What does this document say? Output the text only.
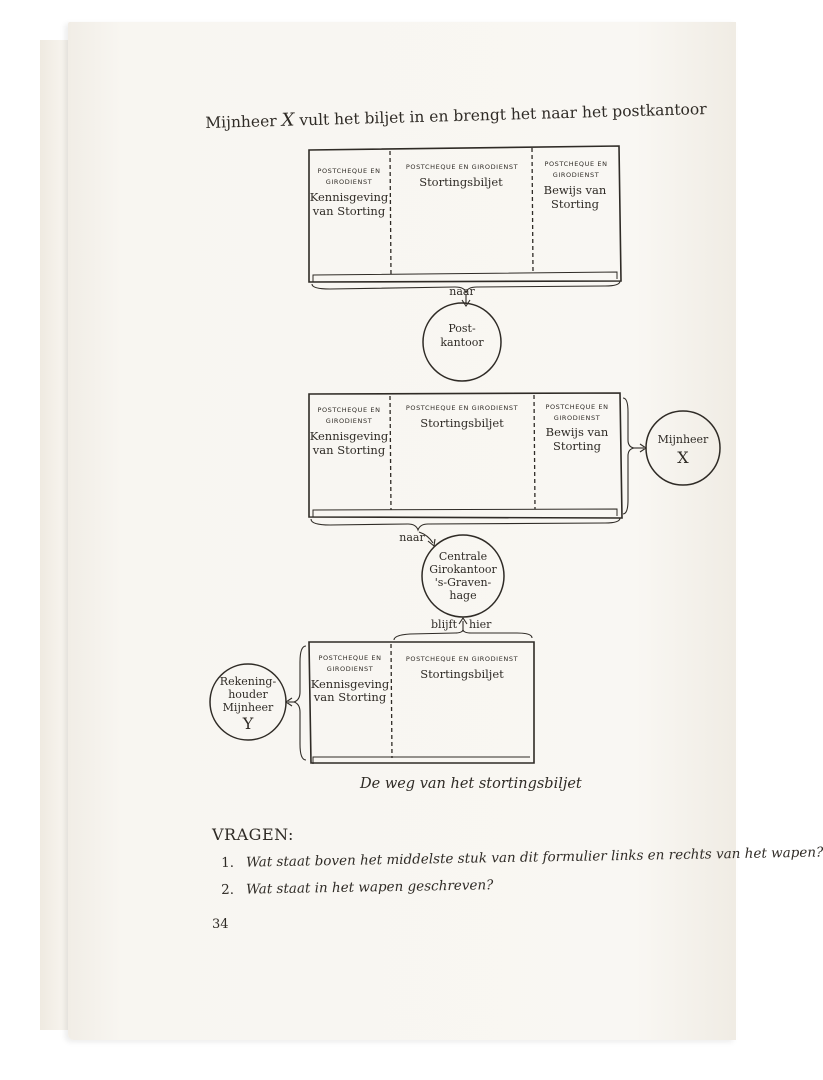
Mijnheer X vult het biljet in en brengt het naar het postkantoor
POSTCHEQUE EN
GIRODIENST
Kennisgeving
van Storting
POSTCHEQUE EN GIRODIENST
Stortingsbiljet
POSTCHEQUE EN
GIRODIENST
Bewijs van
Storting
naar
Post-
kantoor
POSTCHEQUE EN
GIRODIENST
Kennisgeving
van Storting
POSTCHEQUE EN GIRODIENST
Stortingsbiljet
POSTCHEQUE EN
GIRODIENST
Bewijs van
Storting	Mijnheer
X
naar
Centrale
Girokantoor
's-Graven-
hage
blijft hier
POSTCHEQUE EN
GIRODIENST
Kennisgeving
van Storting
POSTCHEQUE EN GIRODIENST
Stortingsbiljet
Rekening-
houder
Mijnheer
Y
De weg van het stortingsbiljet
VRAGEN:
1. Wat staat boven het middelste stuk van dit formulier links en rechts van het wapen?
2. Wat staat in het wapen geschreven?
34
